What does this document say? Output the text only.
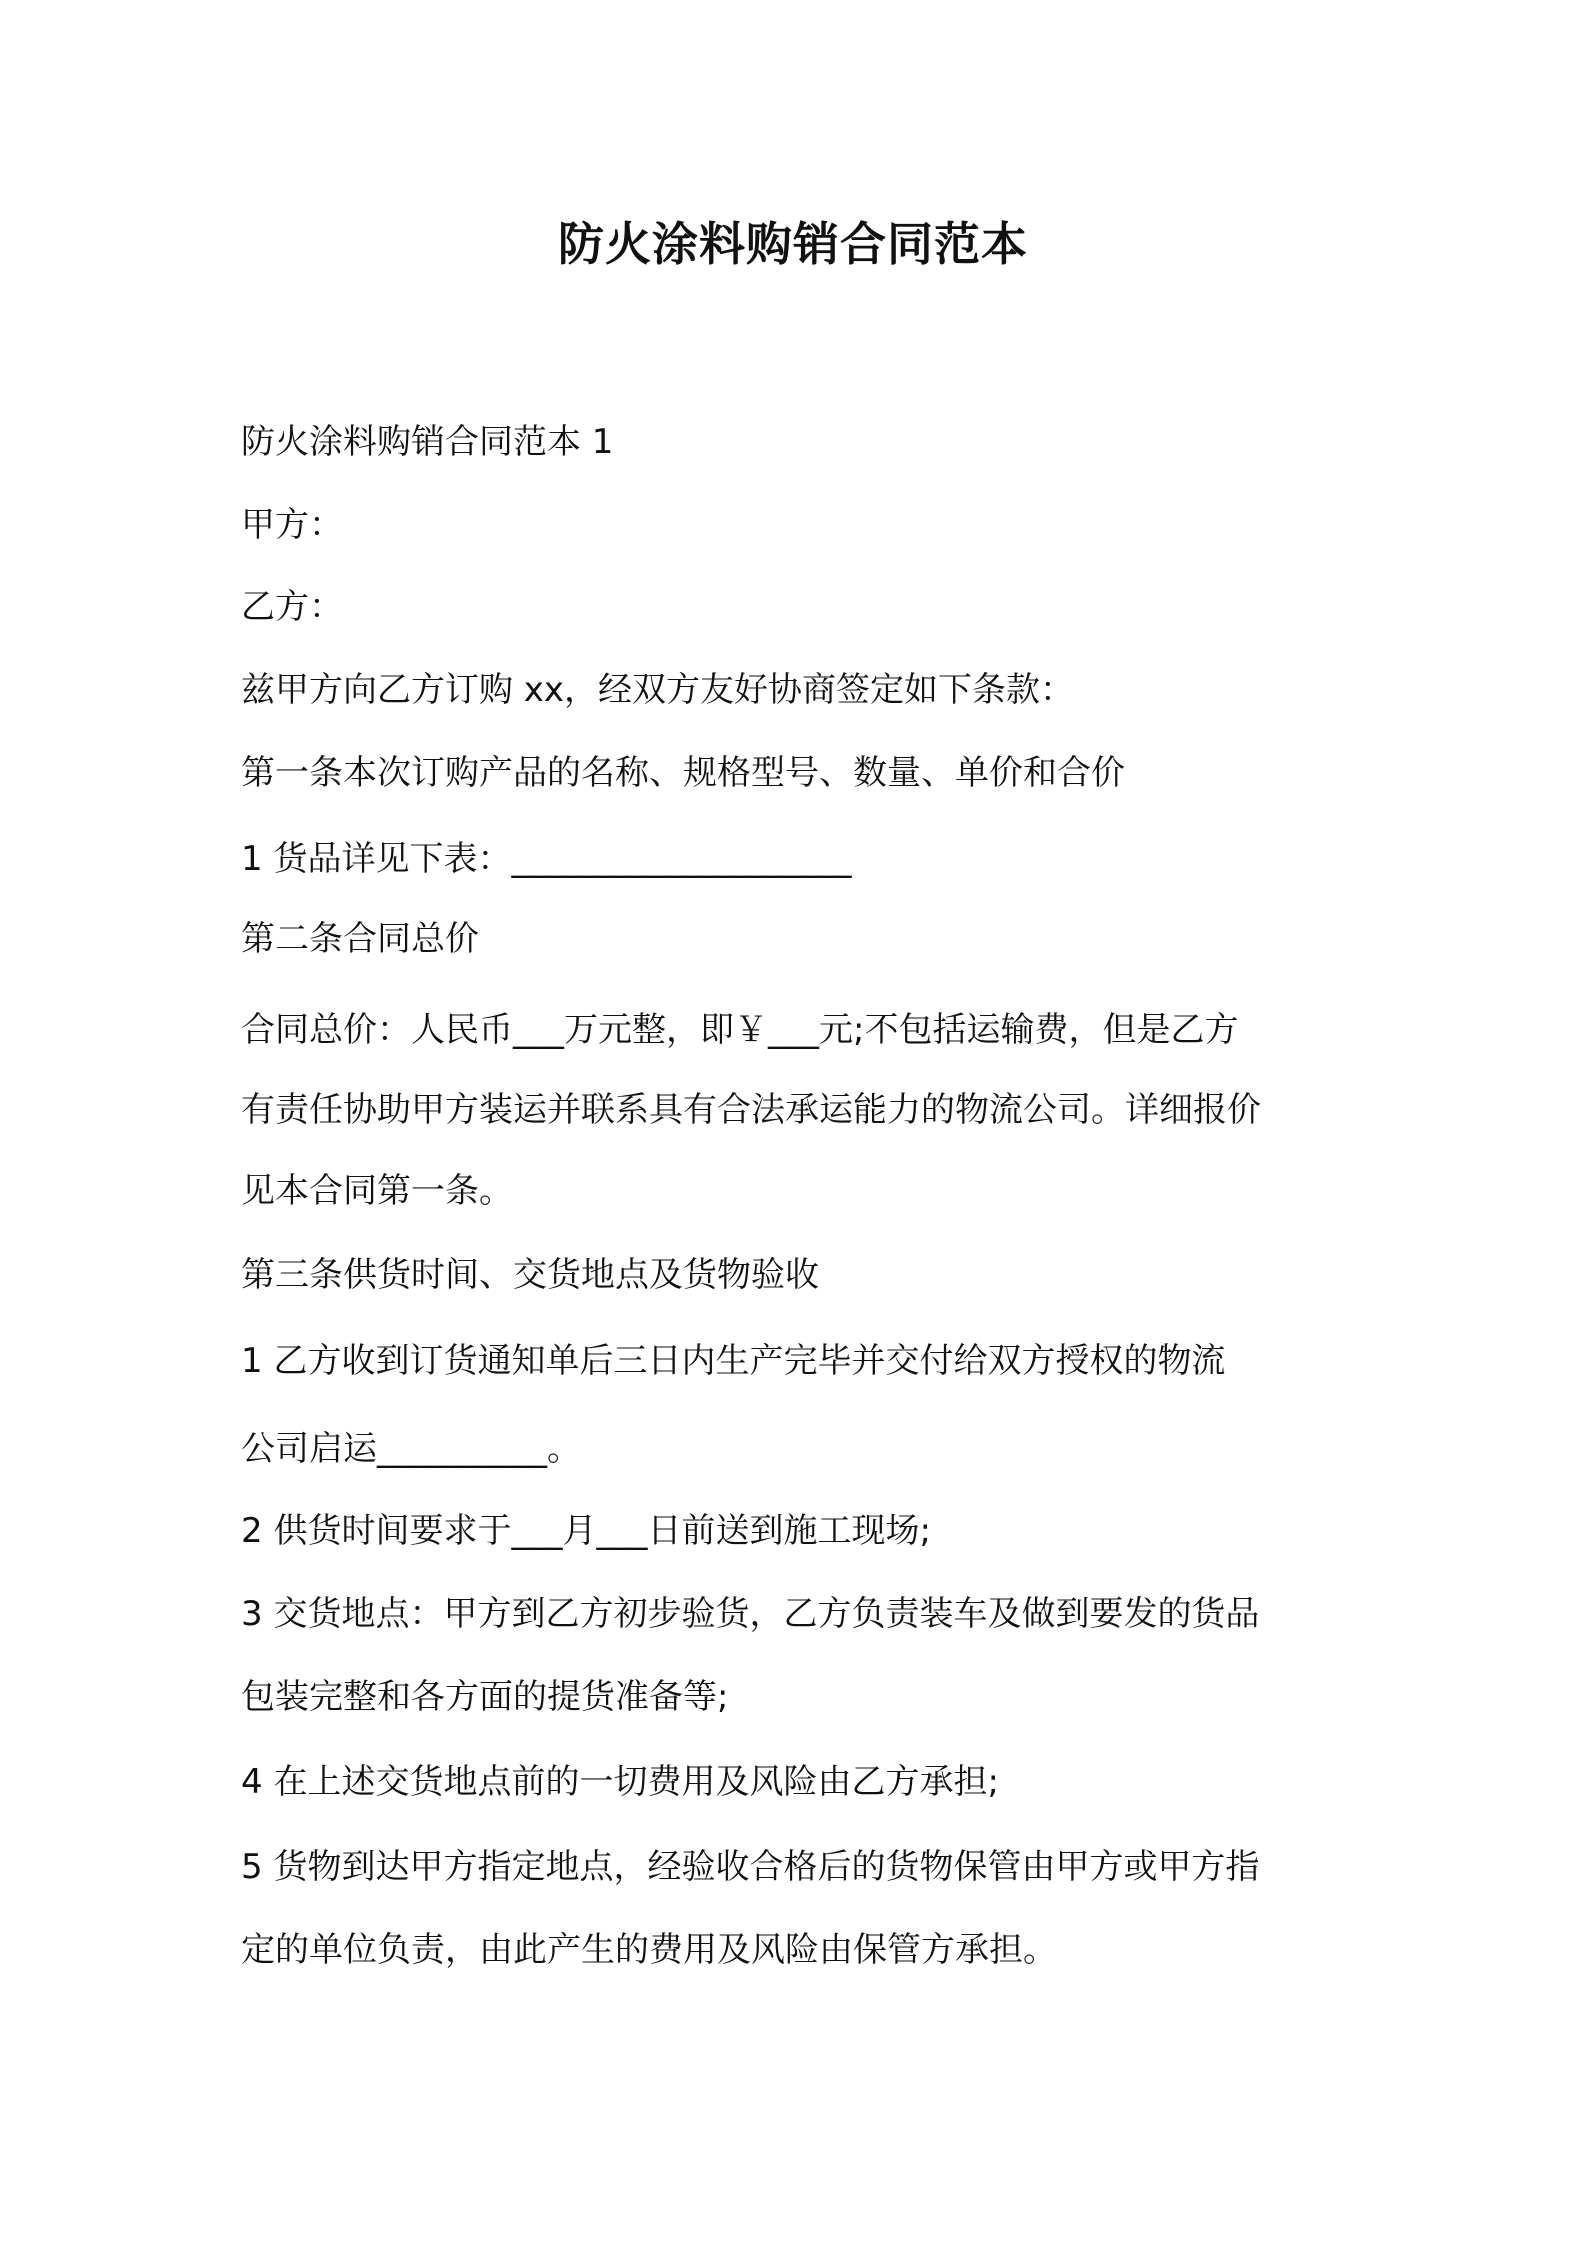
防火涂料购销合同范本
防火涂料购销合同范本 1
甲方：
乙方：
兹甲方向乙方订购 xx，经双方友好协商签定如下条款：
第一条本次订购产品的名称、规格型号、数量、单价和合价
1 货品详见下表：____________________
第二条合同总价
合同总价：人民币___万元整，即￥___元;不包括运输费，但是乙方
有责任协助甲方装运并联系具有合法承运能力的物流公司。详细报价
见本合同第一条。
第三条供货时间、交货地点及货物验收
1 乙方收到订货通知单后三日内生产完毕并交付给双方授权的物流
公司启运__________。
2 供货时间要求于___月___日前送到施工现场;
3 交货地点：甲方到乙方初步验货，乙方负责装车及做到要发的货品
包装完整和各方面的提货准备等;
4 在上述交货地点前的一切费用及风险由乙方承担;
5 货物到达甲方指定地点，经验收合格后的货物保管由甲方或甲方指
定的单位负责，由此产生的费用及风险由保管方承担。
